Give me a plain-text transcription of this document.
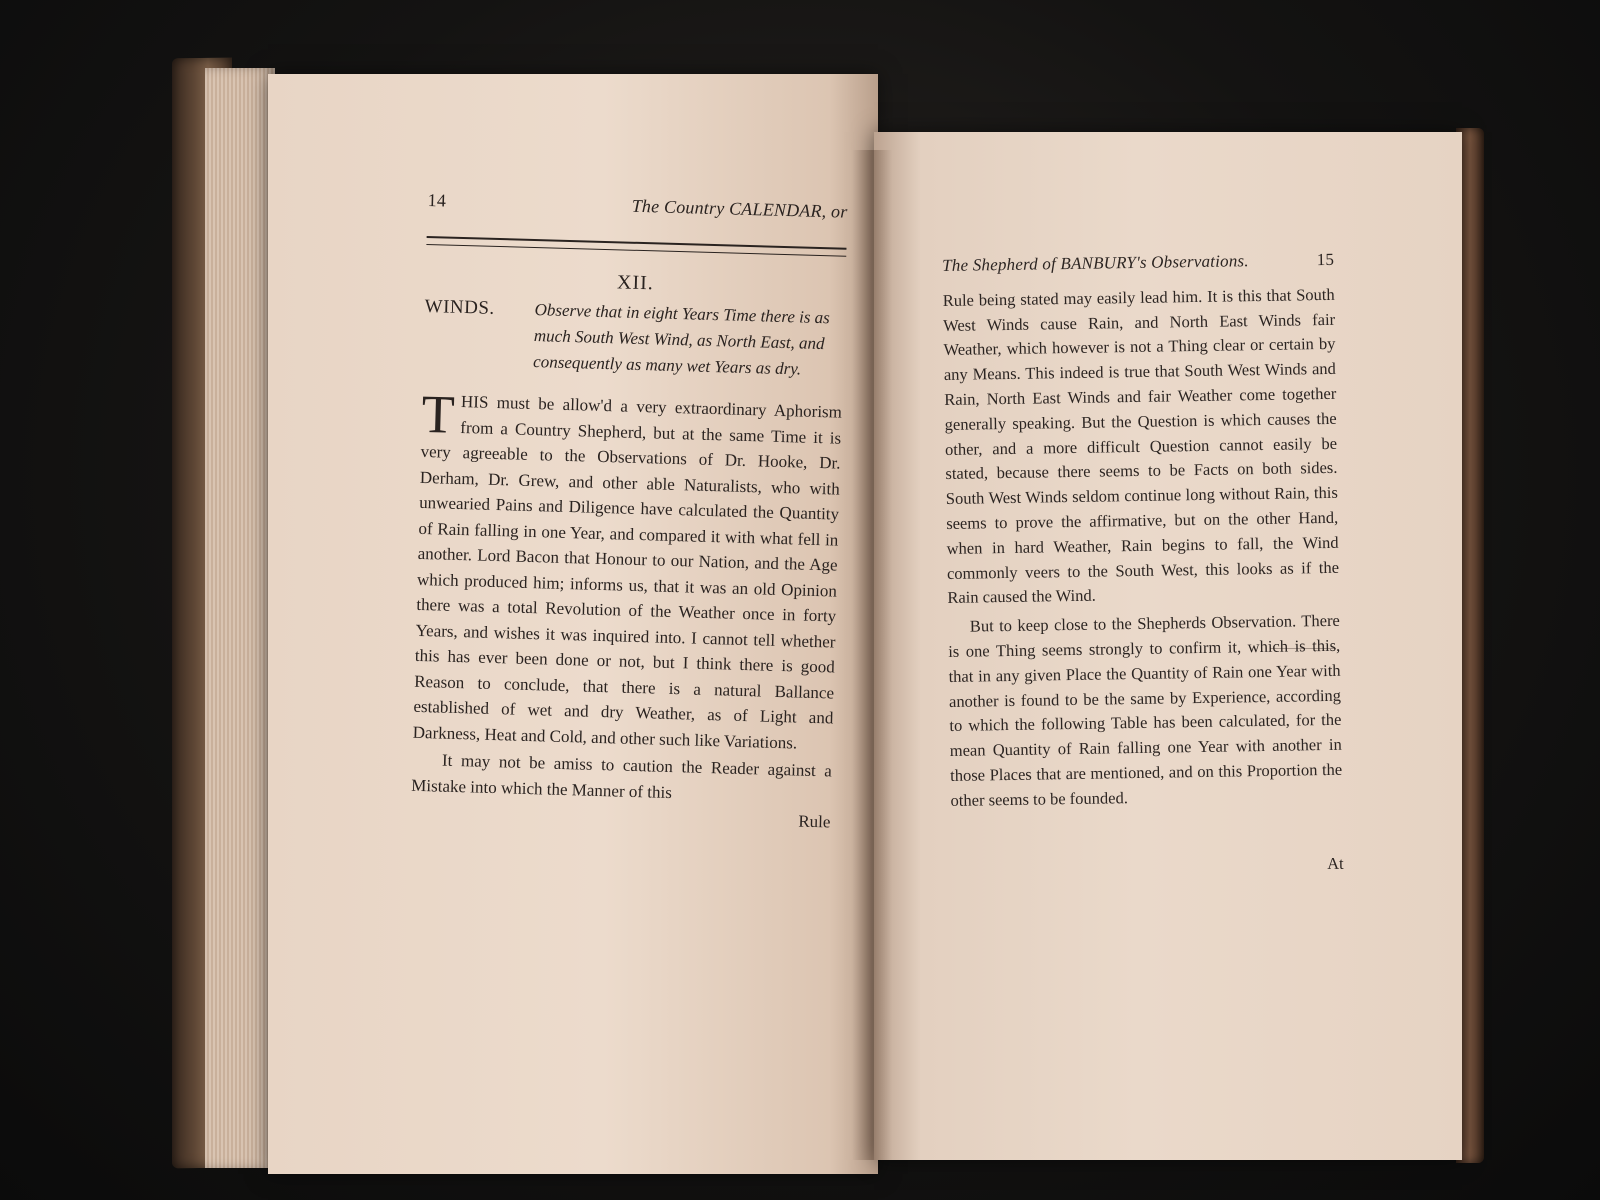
14	The Country CALENDAR, or
XII.
WINDS.	Observe that in eight Years Time there is as much South West Wind, as North East, and consequently as many wet Years as dry.
T HIS must be allow'd a very extraordinary Aphorism from a Country Shepherd, but at the same Time it is very agreeable to the Observations of Dr. Hooke, Dr. Derham, Dr. Grew, and other able Naturalists, who with unwearied Pains and Diligence have calculated the Quantity of Rain falling in one Year, and compared it with what fell in another. Lord Bacon that Honour to our Nation, and the Age which produced him; informs us, that it was an old Opinion there was a total Revolution of the Weather once in forty Years, and wishes it was inquired into. I cannot tell whether this has ever been done or not, but I think there is good Reason to conclude, that there is a natural Ballance established of wet and dry Weather, as of Light and Darkness, Heat and Cold, and other such like Variations.
It may not be amiss to caution the Reader against a Mistake into which the Manner of this
Rule
The Shepherd of BANBURY's Observations.	15
Rule being stated may easily lead him. It is this that South West Winds cause Rain, and North East Winds fair Weather, which however is not a Thing clear or certain by any Means. This indeed is true that South West Winds and Rain, North East Winds and fair Weather come together generally speaking. But the Question is which causes the other, and a more difficult Question cannot easily be stated, because there seems to be Facts on both sides. South West Winds seldom continue long without Rain, this seems to prove the affirmative, but on the other Hand, when in hard Weather, Rain begins to fall, the Wind commonly veers to the South West, this looks as if the Rain caused the Wind.
But to keep close to the Shepherds Observation. There is one Thing seems strongly to confirm it, which is this, that in any given Place the Quantity of Rain one Year with another is found to be the same by Experience, according to which the following Table has been calculated, for the mean Quantity of Rain falling one Year with another in those Places that are mentioned, and on this Proportion the other seems to be founded.
At
